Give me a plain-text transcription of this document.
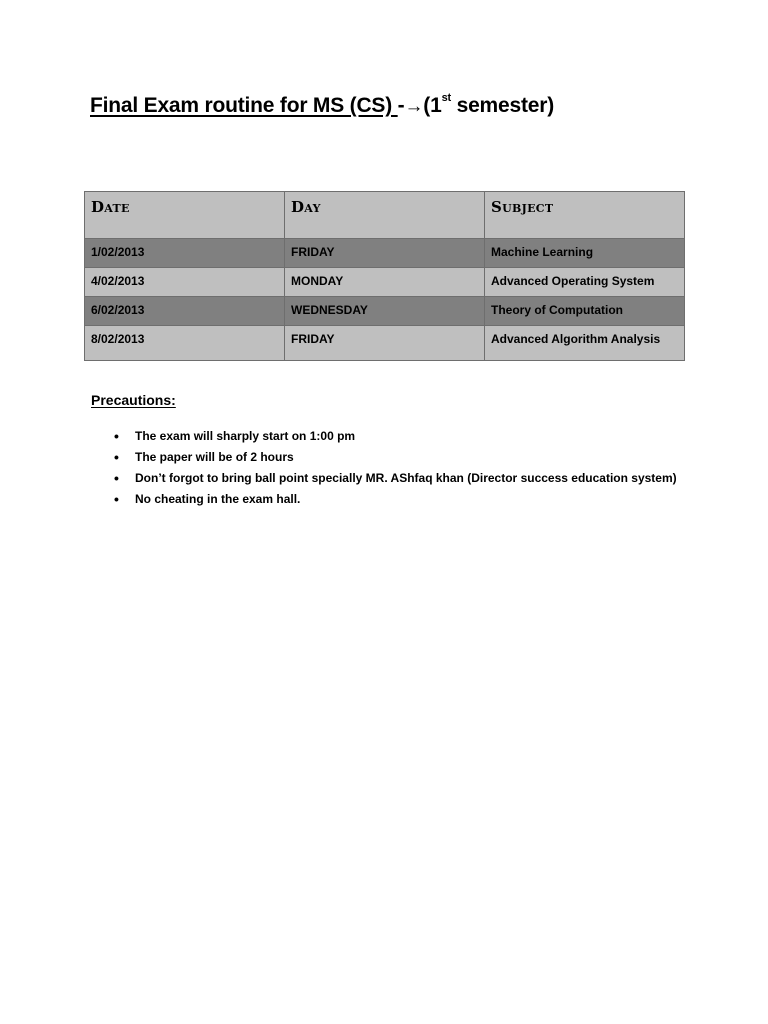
Final Exam routine for MS (CS) -→(1st semester)
Date	Day	Subject
1/02/2013	FRIDAY	Machine Learning
4/02/2013	MONDAY	Advanced Operating System
6/02/2013	WEDNESDAY	Theory of Computation
8/02/2013	FRIDAY	Advanced Algorithm Analysis
Precautions:
• The exam will sharply start on 1:00 pm
• The paper will be of 2 hours
• Don’t forgot to bring ball point specially MR. AShfaq khan (Director success education system)
• No cheating in the exam hall.
